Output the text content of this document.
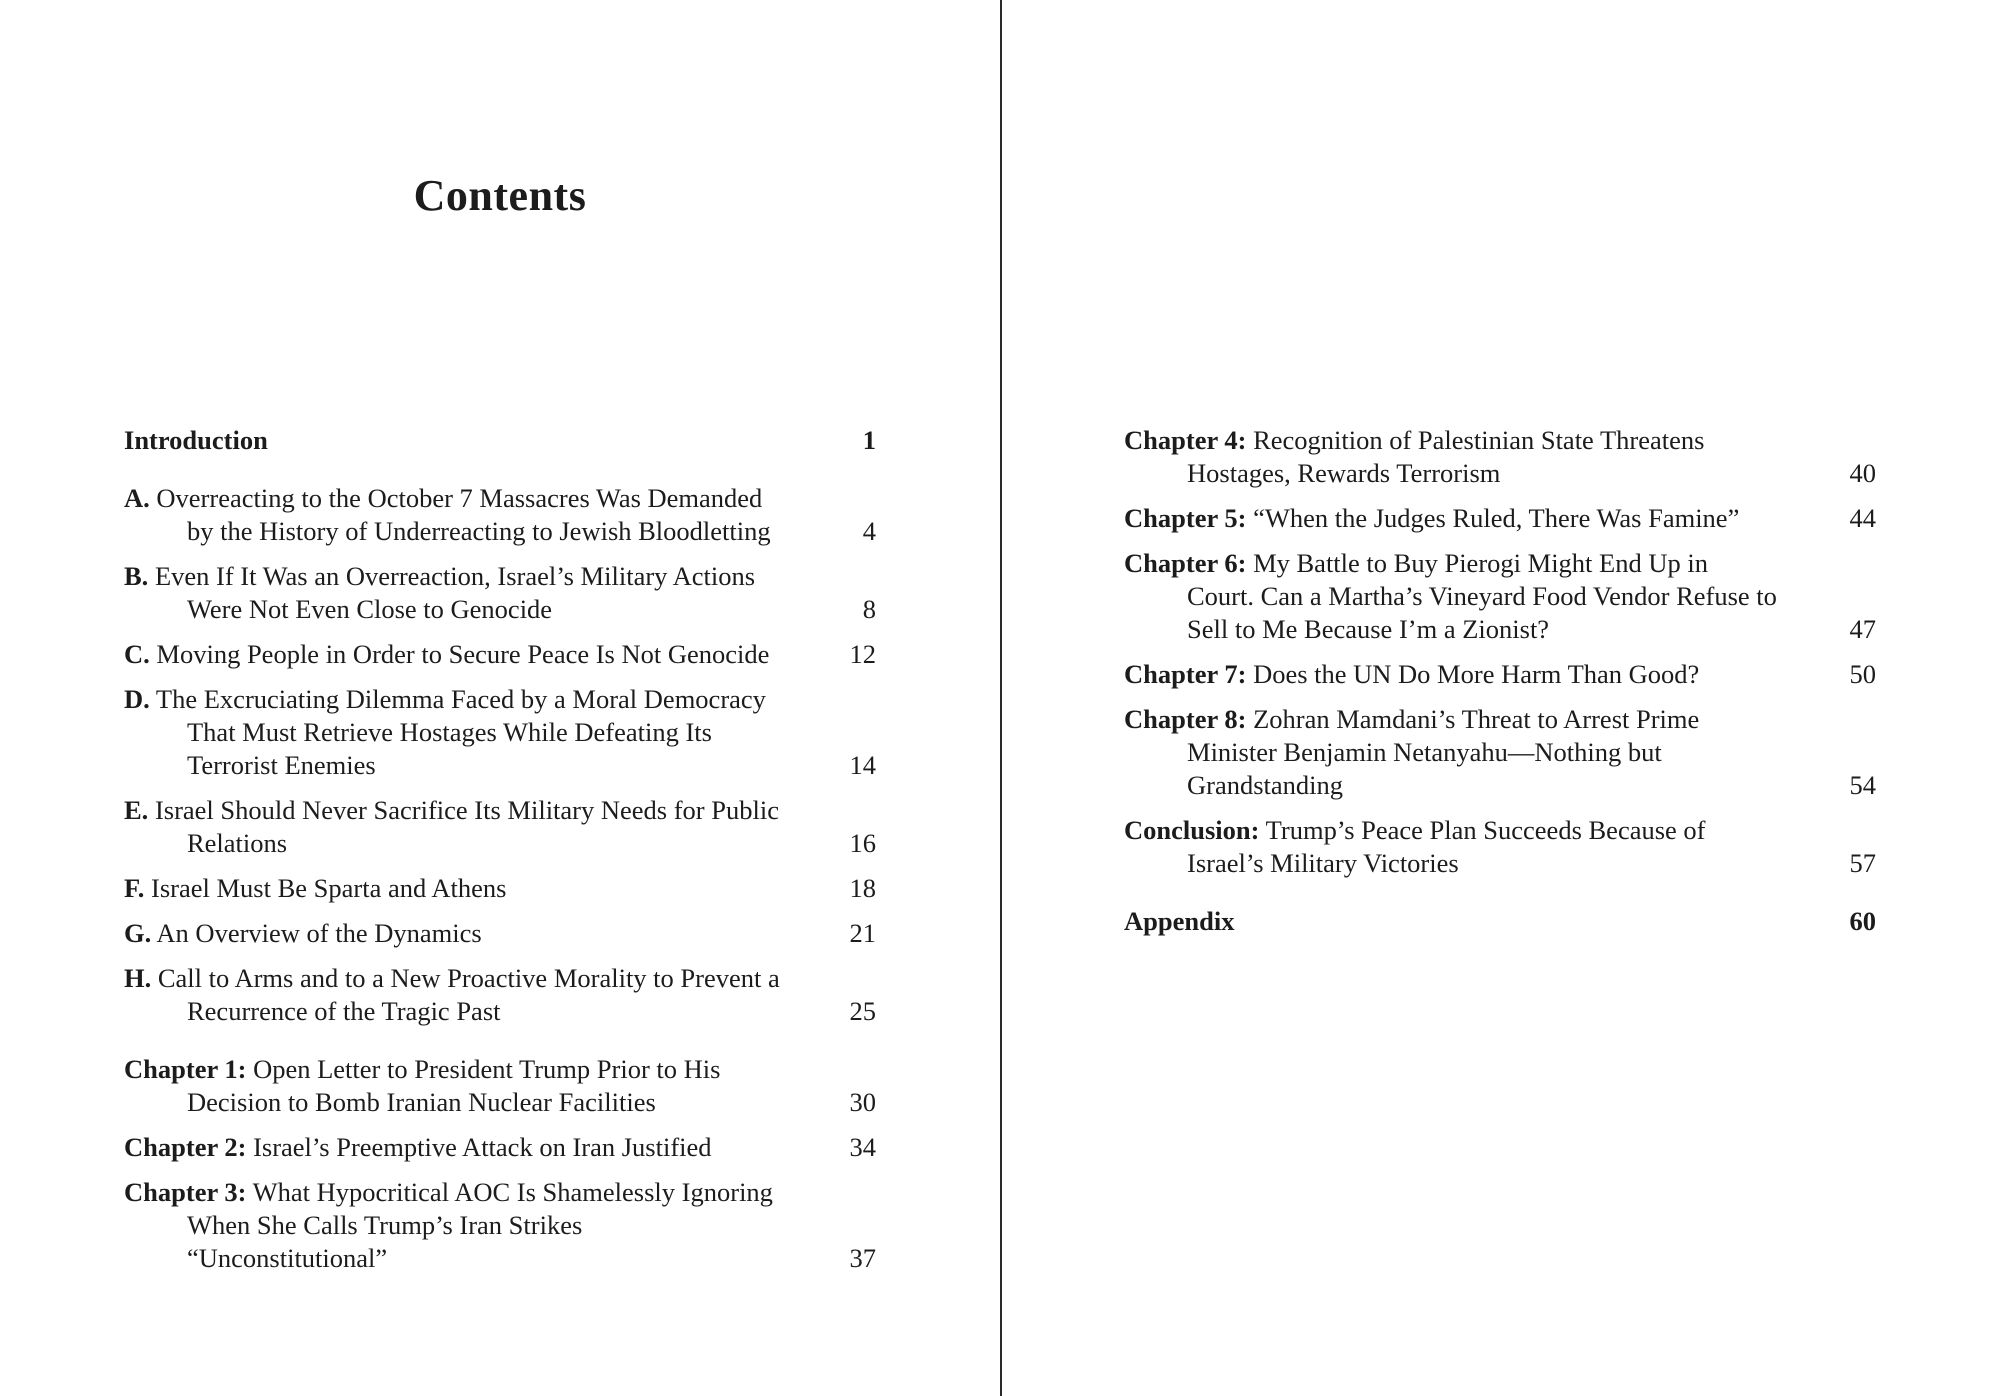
Contents
Introduction	1
A. Overreacting to the October 7 Massacres Was Demanded by the History of Underreacting to Jewish Bloodletting	4
B. Even If It Was an Overreaction, Israel’s Military Actions Were Not Even Close to Genocide	8
C. Moving People in Order to Secure Peace Is Not Genocide	12
D. The Excruciating Dilemma Faced by a Moral Democracy That Must Retrieve Hostages While Defeating Its Terrorist Enemies	14
E. Israel Should Never Sacrifice Its Military Needs for Public Relations	16
F. Israel Must Be Sparta and Athens	18
G. An Overview of the Dynamics	21
H. Call to Arms and to a New Proactive Morality to Prevent a Recurrence of the Tragic Past	25
Chapter 1: Open Letter to President Trump Prior to His Decision to Bomb Iranian Nuclear Facilities	30
Chapter 2: Israel’s Preemptive Attack on Iran Justified	34
Chapter 3: What Hypocritical AOC Is Shamelessly Ignoring When She Calls Trump’s Iran Strikes “Unconstitutional”	37
Chapter 4: Recognition of Palestinian State Threatens Hostages, Rewards Terrorism	40
Chapter 5: “When the Judges Ruled, There Was Famine”	44
Chapter 6: My Battle to Buy Pierogi Might End Up in Court. Can a Martha’s Vineyard Food Vendor Refuse to Sell to Me Because I’m a Zionist?	47
Chapter 7: Does the UN Do More Harm Than Good?	50
Chapter 8: Zohran Mamdani’s Threat to Arrest Prime Minister Benjamin Netanyahu—Nothing but Grandstanding	54
Conclusion: Trump’s Peace Plan Succeeds Because of Israel’s Military Victories	57
Appendix	60
